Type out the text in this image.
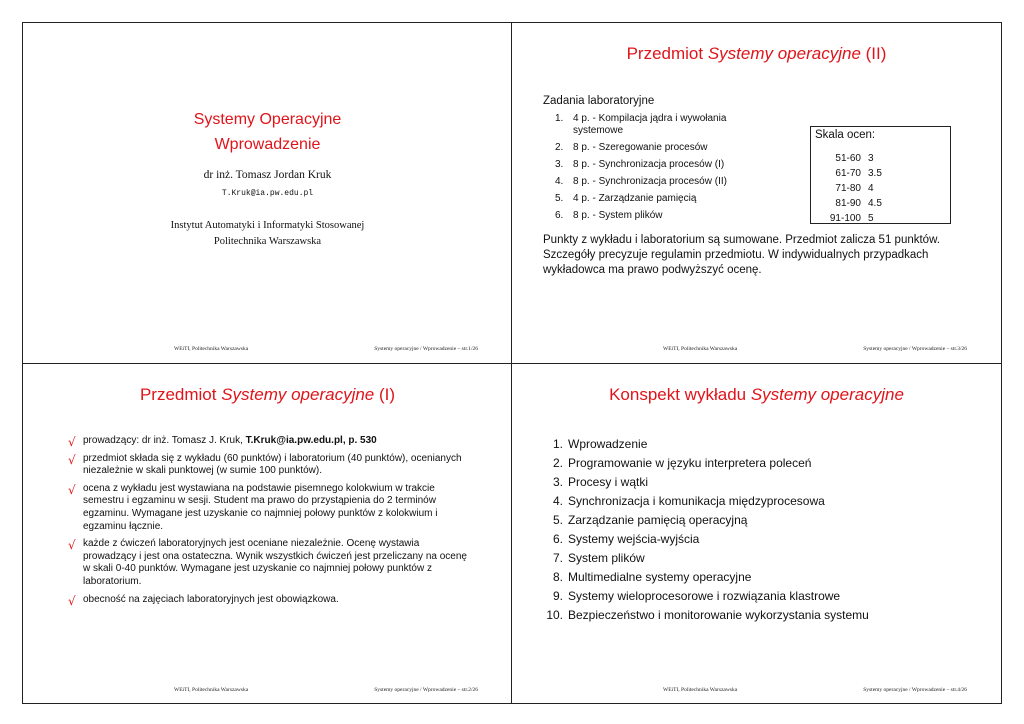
Systemy Operacyjne
Wprowadzenie
dr inż. Tomasz Jordan Kruk
T.Kruk@ia.pw.edu.pl
Instytut Automatyki i Informatyki Stosowanej
Politechnika Warszawska
WEiTI, Politechnika Warszawska	Systemy operacyjne / Wprowadzenie – str.1/26
Przedmiot Systemy operacyjne (II)
Zadania laboratoryjne
1. 4 p. - Kompilacja jądra i wywołania systemowe
2. 8 p. - Szeregowanie procesów
3. 8 p. - Synchronizacja procesów (I)
4. 8 p. - Synchronizacja procesów (II)
5. 4 p. - Zarządzanie pamięcią
6. 8 p. - System plików
Skala ocen:
51-60 3
61-70 3.5
71-80 4
81-90 4.5
91-100 5
Punkty z wykładu i laboratorium są sumowane. Przedmiot zalicza 51 punktów. Szczegóły precyzuje regulamin przedmiotu. W indywidualnych przypadkach wykładowca ma prawo podwyższyć ocenę.
WEiTI, Politechnika Warszawska	Systemy operacyjne / Wprowadzenie – str.3/26
Przedmiot Systemy operacyjne (I)
√ prowadzący: dr inż. Tomasz J. Kruk, T.Kruk@ia.pw.edu.pl, p. 530
√ przedmiot składa się z wykładu (60 punktów) i laboratorium (40 punktów), ocenianych niezależnie w skali punktowej (w sumie 100 punktów).
√ ocena z wykładu jest wystawiana na podstawie pisemnego kolokwium w trakcie semestru i egzaminu w sesji. Student ma prawo do przystąpienia do 2 terminów egzaminu. Wymagane jest uzyskanie co najmniej połowy punktów z kolokwium i egzaminu łącznie.
√ każde z ćwiczeń laboratoryjnych jest oceniane niezależnie. Ocenę wystawia prowadzący i jest ona ostateczna. Wynik wszystkich ćwiczeń jest przeliczany na ocenę w skali 0-40 punktów. Wymagane jest uzyskanie co najmniej połowy punktów z laboratorium.
√ obecność na zajęciach laboratoryjnych jest obowiązkowa.
WEiTI, Politechnika Warszawska	Systemy operacyjne / Wprowadzenie – str.2/26
Konspekt wykładu Systemy operacyjne
1. Wprowadzenie
2. Programowanie w języku interpretera poleceń
3. Procesy i wątki
4. Synchronizacja i komunikacja międzyprocesowa
5. Zarządzanie pamięcią operacyjną
6. Systemy wejścia-wyjścia
7. System plików
8. Multimedialne systemy operacyjne
9. Systemy wieloprocesorowe i rozwiązania klastrowe
10. Bezpieczeństwo i monitorowanie wykorzystania systemu
WEiTI, Politechnika Warszawska	Systemy operacyjne / Wprowadzenie – str.4/26
